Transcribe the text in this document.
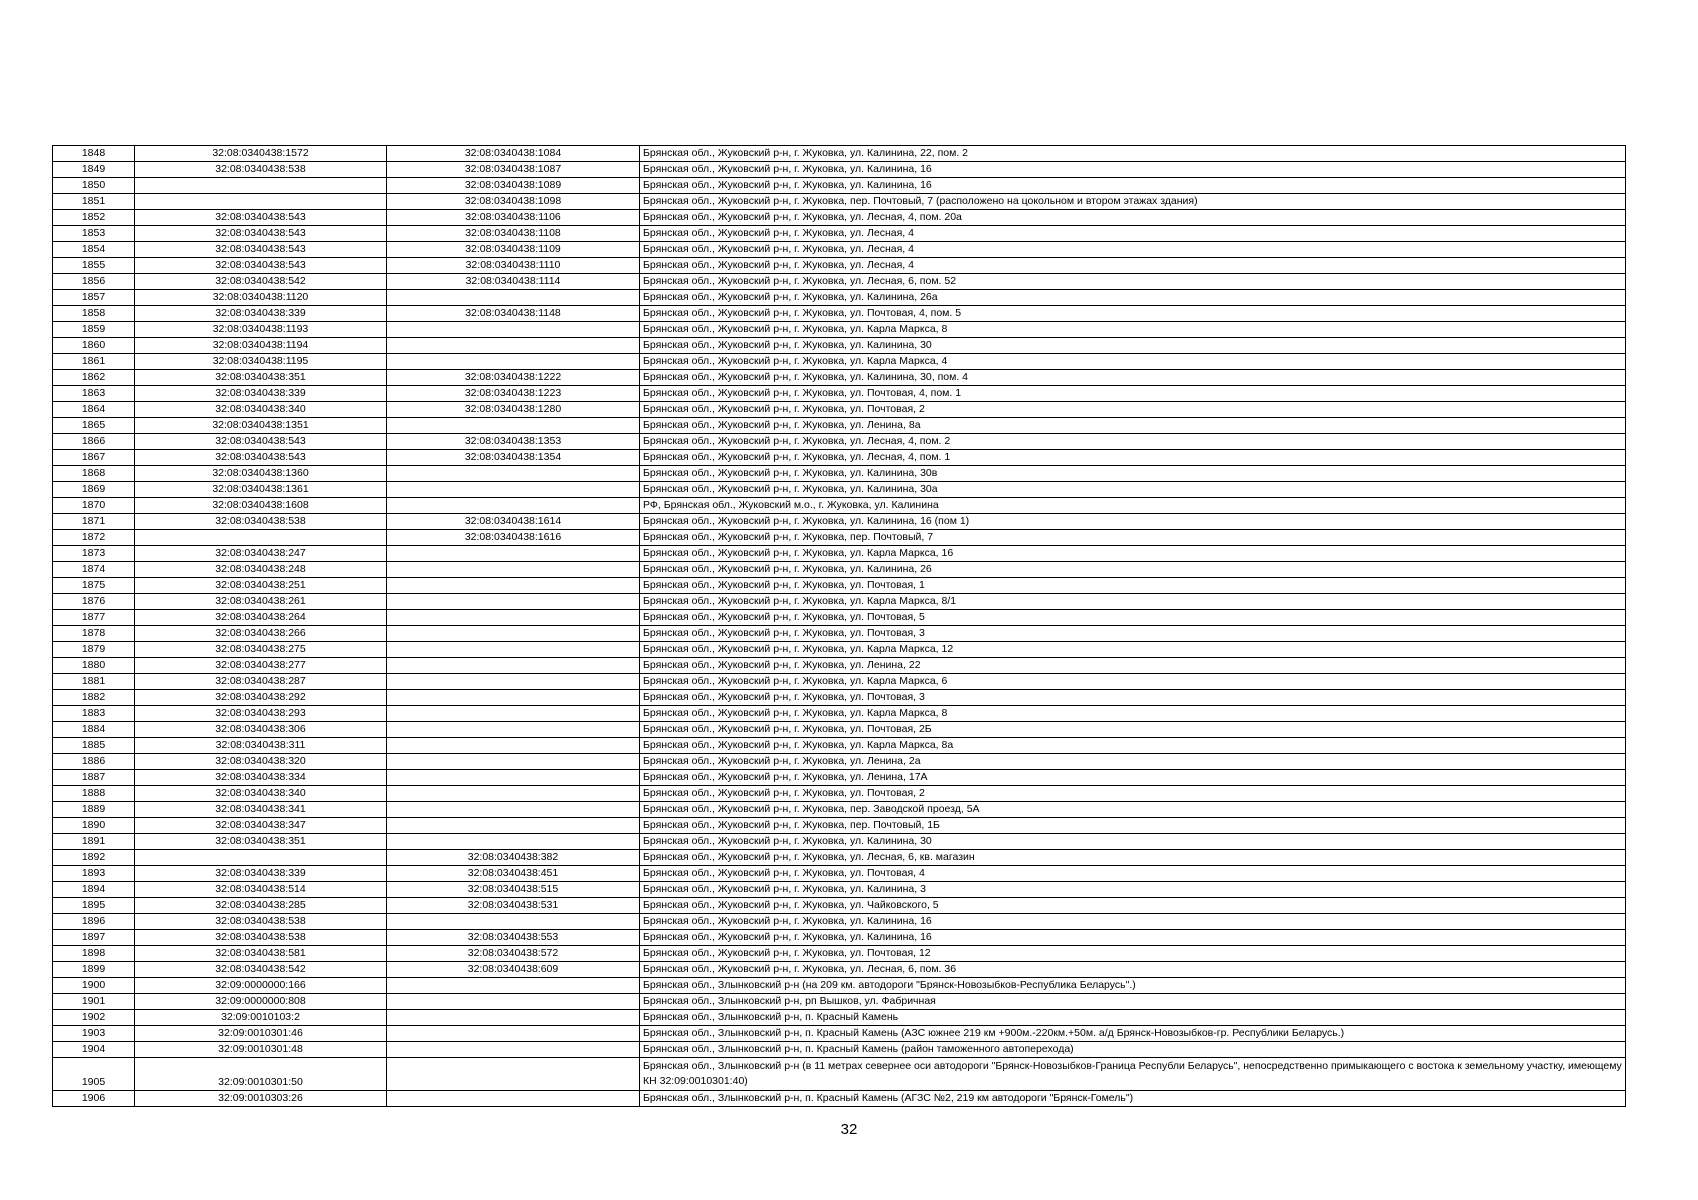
1848	32:08:0340438:1572	32:08:0340438:1084	Брянская обл., Жуковский р-н, г. Жуковка, ул. Калинина, 22, пом. 2
1849	32:08:0340438:538	32:08:0340438:1087	Брянская обл., Жуковский р-н, г. Жуковка, ул. Калинина, 16
1850		32:08:0340438:1089	Брянская обл., Жуковский р-н, г. Жуковка, ул. Калинина, 16
1851		32:08:0340438:1098	Брянская обл., Жуковский р-н, г. Жуковка, пер. Почтовый, 7 (расположено на цокольном и втором этажах здания)
1852	32:08:0340438:543	32:08:0340438:1106	Брянская обл., Жуковский р-н, г. Жуковка, ул. Лесная, 4, пом. 20а
1853	32:08:0340438:543	32:08:0340438:1108	Брянская обл., Жуковский р-н, г. Жуковка, ул. Лесная, 4
1854	32:08:0340438:543	32:08:0340438:1109	Брянская обл., Жуковский р-н, г. Жуковка, ул. Лесная, 4
1855	32:08:0340438:543	32:08:0340438:1110	Брянская обл., Жуковский р-н, г. Жуковка, ул. Лесная, 4
1856	32:08:0340438:542	32:08:0340438:1114	Брянская обл., Жуковский р-н, г. Жуковка, ул. Лесная, 6, пом. 52
1857	32:08:0340438:1120		Брянская обл., Жуковский р-н, г. Жуковка, ул. Калинина, 26а
1858	32:08:0340438:339	32:08:0340438:1148	Брянская обл., Жуковский р-н, г. Жуковка, ул. Почтовая, 4, пом. 5
1859	32:08:0340438:1193		Брянская обл., Жуковский р-н, г. Жуковка, ул. Карла Маркса, 8
1860	32:08:0340438:1194		Брянская обл., Жуковский р-н, г. Жуковка, ул. Калинина, 30
1861	32:08:0340438:1195		Брянская обл., Жуковский р-н, г. Жуковка, ул. Карла Маркса, 4
1862	32:08:0340438:351	32:08:0340438:1222	Брянская обл., Жуковский р-н, г. Жуковка, ул. Калинина, 30, пом. 4
1863	32:08:0340438:339	32:08:0340438:1223	Брянская обл., Жуковский р-н, г. Жуковка, ул. Почтовая, 4, пом. 1
1864	32:08:0340438:340	32:08:0340438:1280	Брянская обл., Жуковский р-н, г. Жуковка, ул. Почтовая, 2
1865	32:08:0340438:1351		Брянская обл., Жуковский р-н, г. Жуковка, ул. Ленина, 8а
1866	32:08:0340438:543	32:08:0340438:1353	Брянская обл., Жуковский р-н, г. Жуковка, ул. Лесная, 4, пом. 2
1867	32:08:0340438:543	32:08:0340438:1354	Брянская обл., Жуковский р-н, г. Жуковка, ул. Лесная, 4, пом. 1
1868	32:08:0340438:1360		Брянская обл., Жуковский р-н, г. Жуковка, ул. Калинина, 30в
1869	32:08:0340438:1361		Брянская обл., Жуковский р-н, г. Жуковка, ул. Калинина, 30а
1870	32:08:0340438:1608		РФ, Брянская обл., Жуковский м.о., г. Жуковка, ул. Калинина
1871	32:08:0340438:538	32:08:0340438:1614	Брянская обл., Жуковский р-н, г. Жуковка, ул. Калинина, 16 (пом 1)
1872		32:08:0340438:1616	Брянская обл., Жуковский р-н, г. Жуковка, пер. Почтовый, 7
1873	32:08:0340438:247		Брянская обл., Жуковский р-н, г. Жуковка, ул. Карла Маркса, 16
1874	32:08:0340438:248		Брянская обл., Жуковский р-н, г. Жуковка, ул. Калинина, 26
1875	32:08:0340438:251		Брянская обл., Жуковский р-н, г. Жуковка, ул. Почтовая, 1
1876	32:08:0340438:261		Брянская обл., Жуковский р-н, г. Жуковка, ул. Карла Маркса, 8/1
1877	32:08:0340438:264		Брянская обл., Жуковский р-н, г. Жуковка, ул. Почтовая, 5
1878	32:08:0340438:266		Брянская обл., Жуковский р-н, г. Жуковка, ул. Почтовая, 3
1879	32:08:0340438:275		Брянская обл., Жуковский р-н, г. Жуковка, ул. Карла Маркса, 12
1880	32:08:0340438:277		Брянская обл., Жуковский р-н, г. Жуковка, ул. Ленина, 22
1881	32:08:0340438:287		Брянская обл., Жуковский р-н, г. Жуковка, ул. Карла Маркса, 6
1882	32:08:0340438:292		Брянская обл., Жуковский р-н, г. Жуковка, ул. Почтовая, 3
1883	32:08:0340438:293		Брянская обл., Жуковский р-н, г. Жуковка, ул. Карла Маркса, 8
1884	32:08:0340438:306		Брянская обл., Жуковский р-н, г. Жуковка, ул. Почтовая, 2Б
1885	32:08:0340438:311		Брянская обл., Жуковский р-н, г. Жуковка, ул. Карла Маркса, 8а
1886	32:08:0340438:320		Брянская обл., Жуковский р-н, г. Жуковка, ул. Ленина, 2а
1887	32:08:0340438:334		Брянская обл., Жуковский р-н, г. Жуковка, ул. Ленина, 17А
1888	32:08:0340438:340		Брянская обл., Жуковский р-н, г. Жуковка, ул. Почтовая, 2
1889	32:08:0340438:341		Брянская обл., Жуковский р-н, г. Жуковка, пер. Заводской проезд, 5А
1890	32:08:0340438:347		Брянская обл., Жуковский р-н, г. Жуковка, пер. Почтовый, 1Б
1891	32:08:0340438:351		Брянская обл., Жуковский р-н, г. Жуковка, ул. Калинина, 30
1892		32:08:0340438:382	Брянская обл., Жуковский р-н, г. Жуковка, ул. Лесная, 6, кв. магазин
1893	32:08:0340438:339	32:08:0340438:451	Брянская обл., Жуковский р-н, г. Жуковка, ул. Почтовая, 4
1894	32:08:0340438:514	32:08:0340438:515	Брянская обл., Жуковский р-н, г. Жуковка, ул. Калинина, 3
1895	32:08:0340438:285	32:08:0340438:531	Брянская обл., Жуковский р-н, г. Жуковка, ул. Чайковского, 5
1896	32:08:0340438:538		Брянская обл., Жуковский р-н, г. Жуковка, ул. Калинина, 16
1897	32:08:0340438:538	32:08:0340438:553	Брянская обл., Жуковский р-н, г. Жуковка, ул. Калинина, 16
1898	32:08:0340438:581	32:08:0340438:572	Брянская обл., Жуковский р-н, г. Жуковка, ул. Почтовая, 12
1899	32:08:0340438:542	32:08:0340438:609	Брянская обл., Жуковский р-н, г. Жуковка, ул. Лесная, 6, пом. 36
1900	32:09:0000000:166		Брянская обл., Злынковский р-н (на 209 км. автодороги "Брянск-Новозыбков-Республика Беларусь".)
1901	32:09:0000000:808		Брянская обл., Злынковский р-н, рп Вышков, ул. Фабричная
1902	32:09:0010103:2		Брянская обл., Злынковский р-н, п. Красный Камень
1903	32:09:0010301:46		Брянская обл., Злынковский р-н, п. Красный Камень (АЗС южнее 219 км +900м.-220км.+50м. а/д Брянск-Новозыбков-гр. Республики Беларусь.)
1904	32:09:0010301:48		Брянская обл., Злынковский р-н, п. Красный Камень (район таможенного автоперехода)
1905	32:09:0010301:50		Брянская обл., Злынковский р-н (в 11 метрах севернее оси автодороги "Брянск-Новозыбков-Граница Республи Беларусь", непосредственно примыкающего с востока к земельному участку, имеющему КН 32:09:0010301:40)
1906	32:09:0010303:26		Брянская обл., Злынковский р-н, п. Красный Камень (АГЗС №2, 219 км автодороги "Брянск-Гомель")
32
